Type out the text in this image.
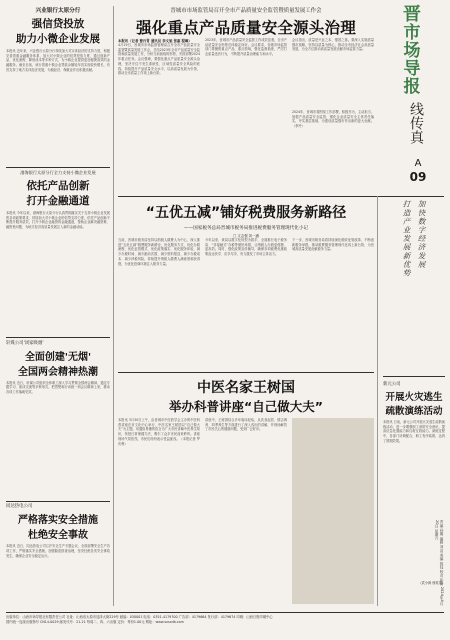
兴业银行太原分行
强信贷投放
助力小微企业发展
本报讯 近年来，兴业银行太原分行持续加大对实体经济的支持力度，积极完善普惠金融服务体系，加大对小微企业的信贷投放力度，通过创新产品、优化流程、降低成本等多种方式，为小微企业提供更加便捷高效的金融服务。截至目前，该行普惠小微企业贷款余额较年初实现较快增长，有效支持了地方实体经济发展，为稳经济、保就业作出积极贡献。
渤海银行太原分行全力支持小微企业发展
依托产品创新
打开金融通道
本报讯 今年以来，渤海银行太原分行认真贯彻落实关于支持小微企业发展的各项政策要求，持续加大对小微企业的信贷支持力度，依托产品创新不断提升服务质效，打开小微企业融资的金融通道，帮助企业解决融资难、融资贵问题，为地方经济高质量发展注入新的金融动能。
轩煤公司'闭家吸烟'
全面创建'无烟'
全国两会精神热潮
本报讯 近日，轩煤公司组织全体职工深入学习贯彻全国两会精神，通过专题学习、座谈交流等多种形式，把思想和行动统一到会议精神上来，推动各项工作落地见效。
同达热电公司
严格落实安全措施
杜绝安全事故
本报讯 近日，同达热电公司召开安全生产专题会议，全面部署安全生产各项工作，严格落实安全措施，加强隐患排查治理，坚决杜绝各类安全事故发生，确保企业安全稳定运行。
晋城市市场监管局召开全市产品质量安全监管暨质量发展工作会
强化重点产品质量安全源头治理
本报讯（记者 曹丹青 通讯员 李文旭 张惠 程琳）
4月19日，晋城市市场监督管理局召开全市产品质量安全监管暨质量发展工作会，总结2023年全市产品质量安全监管和质量发展工作，分析当前面临的形势，安排部署2024年重点任务。会议强调，要强化重点产品质量安全源头治理，坚决守住不发生系统性、区域性质量安全风险的底线，持续提升产品质量安全水平，以高质量发展为引领，推动全市质量工作再上新台阶。
2023年，晋城市产品质量安全监管工作成效显著，全市产品质量安全形势总体稳定向好。会议要求，各级市场监管部门要聚焦重点产品、重点领域，强化监督抽查，严厉打击质量违法行为，不断提升质量治理能力和水平。
会议指出，质量是兴业之本、强国之基。要深入实施质量强市战略，坚持以质量为核心，推动全市经济社会高质量发展，为全方位推动高质量发展贡献市场监管力量。
2024年，晋城市将围绕工作部署，积极作为，主动担当，加强产品质量安全监管，强化企业质量安全主体责任落实，夯实基层基础，为建设质量强市作出新的更大贡献。（李玲）
晋
市
场
导
报
线传真
A
09
“五优五减”铺好税费服务新路径
——国家税务总局晋城市税务局推进税费服务管理现代化小记
□ 文志强 刘一涵
当前，晋城市税务局坚持以纳税人缴费人为中心，深入推进“五优五减”税费服务新路径，优化服务方式、优化办税流程、优化征管模式、优化政策落实、优化服务体验，减少办税时间、减少跑动次数、减少资料报送、减少办税成本、减少涉税风险，持续提升纳税人缴费人满意度和获得感，为优化营商环境注入税务力量。
今年以来，该局以数字化转型为抓手，全面推行电子税务局、“非接触式”办税等便民举措，让纳税人办税更便捷、更高效。同时，强化政策宣传辅导，确保各项税费优惠政策直达快享、应享尽享，有力激发了市场主体活力。
下一步，晋城市税务局将持续深化税收征管改革，不断创新服务举措，推动税费服务管理现代化再上新台阶，为晋城高质量发展贡献税务力量。	打造产业发展新优势 加快数字经济发展
中医名家王树国
举办科普讲座“自己做大夫”
本报讯 3月30日上午，由晋城市中医药学会主办的中医科普讲座在市文化中心举行，中医名家王树国以“自己做大夫”为主题，用通俗易懂的语言为广大市民讲解中医养生知识，传授日常保健方法，吸引了众多市民前来聆听。讲座现场气氛热烈，市民们纷纷表示受益匪浅。（本报记者 罗庆利）
讲座中，王树国结合多年临床经验，从饮食起居、情志调养、四季养生等方面进行了深入浅出的讲解，并现场解答了市民关心的健康问题，受到广泛好评。
新元公司
开展火灾逃生
疏散演练活动
本报讯 日前，新元公司开展火灾逃生疏散演练活动，进一步增强职工消防安全意识，提高应急处置能力和自救互救能力。演练过程中，各部门协调配合，职工有序疏散，达到了预期效果。
（武小涛 徐英英）
责编 孙刚 编辑 刘洁 美编 郭钰 校对 张涛 2024年4月20日 星期六
出版单位：山西市场导报社有限责任公司 社址：山西省太原市迎泽大街229号 邮编：030001 电话：0351-4179700 广告部：4179664 发行部：4179674 印刷：山西日报印刷中心
国内统一连续出版物号 CN14-0029 邮发代号：21-21 每周二、四、六出版 定价：每份1.00元 网址：www.sxscdb.com
